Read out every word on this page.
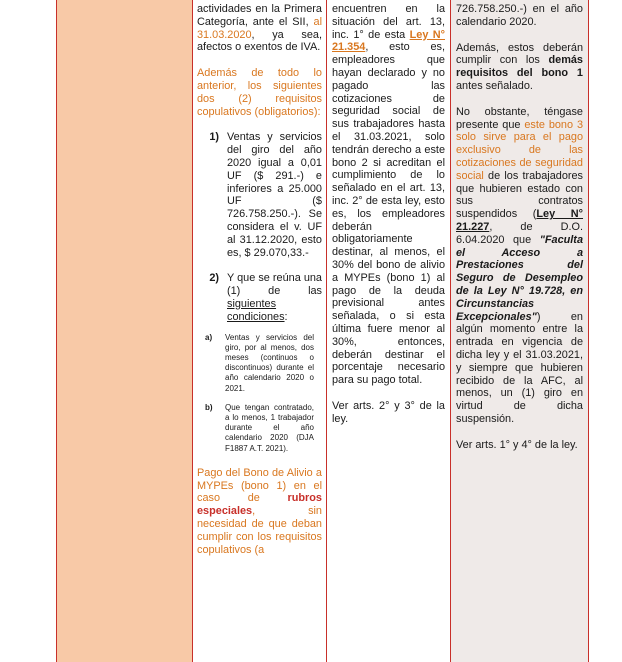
actividades en la Primera Categoría, ante el SII, al 31.03.2020, ya sea, afectos o exentos de IVA.

Además de todo lo anterior, los siguientes dos (2) requisitos copulativos (obligatorios):

1) Ventas y servicios del giro del año 2020 igual a 0,01 UF ($ 291.-) e inferiores a 25.000 UF ($ 726.758.250.-). Se considera el v. UF al 31.12.2020, esto es, $ 29.070,33.-
2) Y que se reúna una (1) de las siguientes condiciones:
a)	Ventas y servicios del giro, por al menos, dos meses (continuos o discontinuos) durante el año calendario 2020 o 2021.
b)	Que tengan contratado, a lo menos, 1 trabajador durante el año calendario 2020 (DJA F1887 A.T. 2021).

Pago del Bono de Alivio a MYPEs (bono 1) en el caso de rubros especiales, sin necesidad de que deban cumplir con los requisitos copulativos (a

encuentren en la situación del art. 13, inc. 1° de esta Ley N° 21.354, esto es, empleadores que hayan declarado y no pagado las cotizaciones de seguridad social de sus trabajadores hasta el 31.03.2021, solo tendrán derecho a este bono 2 si acreditan el cumplimiento de lo señalado en el art. 13, inc. 2° de esta ley, esto es, los empleadores deberán obligatoriamente destinar, al menos, el 30% del bono de alivio a MYPEs (bono 1) al pago de la deuda previsional antes señalada, o si esta última fuere menor al 30%, entonces, deberán destinar el porcentaje necesario para su pago total.

Ver arts. 2° y 3° de la ley.

726.758.250.-) en el año calendario 2020.

Además, estos deberán cumplir con los demás requisitos del bono 1 antes señalado.

No obstante, téngase presente que este bono 3 solo sirve para el pago exclusivo de las cotizaciones de seguridad social de los trabajadores que hubieren estado con sus contratos suspendidos (Ley N° 21.227, de D.O. 6.04.2020 que "Faculta el Acceso a Prestaciones del Seguro de Desempleo de la Ley N° 19.728, en Circunstancias Excepcionales") en algún momento entre la entrada en vigencia de dicha ley y el 31.03.2021, y siempre que hubieren recibido de la AFC, al menos, un (1) giro en virtud de dicha suspensión.

Ver arts. 1° y 4° de la ley.
